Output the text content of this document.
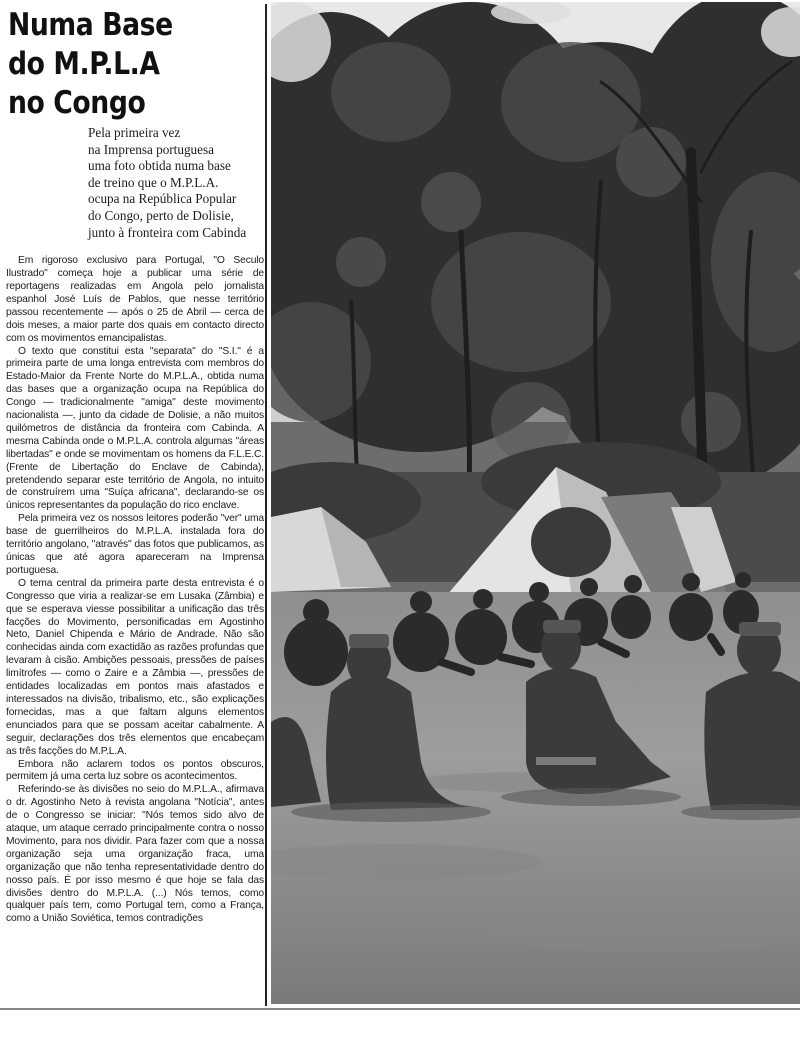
Numa Base
do M.P.L.A
no Congo
Pela primeira vez
na Imprensa portuguesa
uma foto obtida numa base
de treino que o M.P.L.A.
ocupa na República Popular
do Congo, perto de Dolisie,
junto à fronteira com Cabinda

Em rigoroso exclusivo para Portugal, "O Seculo Ilustrado" começa hoje a publicar uma série de reportagens realizadas em Angola pelo jornalista espanhol José Luís de Pablos, que nesse território passou recentemente — após o 25 de Abril — cerca de dois meses, a maior parte dos quais em contacto directo com os movimentos emancipalistas.

O texto que constitui esta "separata" do "S.I." é a primeira parte de uma longa entrevista com membros do Estado-Maior da Frente Norte do M.P.L.A., obtida numa das bases que a organização ocupa na República do Congo — tradicionalmente "amiga" deste movimento nacionalista —, junto da cidade de Dolisie, a não muitos quilómetros de distância da fronteira com Cabinda. A mesma Cabinda onde o M.P.L.A. controla algumas "áreas libertadas" e onde se movimentam os homens da F.L.E.C. (Frente de Libertação do Enclave de Cabinda), pretendendo separar este território de Angola, no intuito de construírem uma "Suíça africana", declarando-se os únicos representantes da população do rico enclave.

Pela primeira vez os nossos leitores poderão "ver" uma base de guerrilheiros do M.P.L.A. instalada fora do território angolano, "através" das fotos que publicamos, as únicas que até agora apareceram na Imprensa portuguesa.

O tema central da primeira parte desta entrevista é o Congresso que viria a realizar-se em Lusaka (Zâmbia) e que se esperava viesse possibilitar a unificação das três facções do Movimento, personificadas em Agostinho Neto, Daniel Chipenda e Mário de Andrade. Não são conhecidas ainda com exactidão as razões profundas que levaram à cisão. Ambições pessoais, pressões de países limítrofes — como o Zaire e a Zâmbia —, pressões de entidades localizadas em pontos mais afastados e interessados na divisão, tribalismo, etc., são explicações fornecidas, mas a que faltam alguns elementos enunciados para que se possam aceitar cabalmente. A seguir, declarações dos três elementos que encabeçam as três facções do M.P.L.A.

Embora não aclarem todos os pontos obscuros, permitem já uma certa luz sobre os acontecimentos.

Referindo-se às divisões no seio do M.P.L.A., afirmava o dr. Agostinho Neto à revista angolana "Notícia", antes de o Congresso se iniciar: "Nós temos sido alvo de ataque, um ataque cerrado principalmente contra o nosso Movimento, para nos dividir. Para fazer com que a nossa organização seja uma organização fraca, uma organização que não tenha representatividade dentro do nosso país. É por isso mesmo é que hoje se fala das divisões dentro do M.P.L.A. (...) Nós temos, como qualquer país tem, como Portugal tem, como a França, como a União Soviética, temos contradições
